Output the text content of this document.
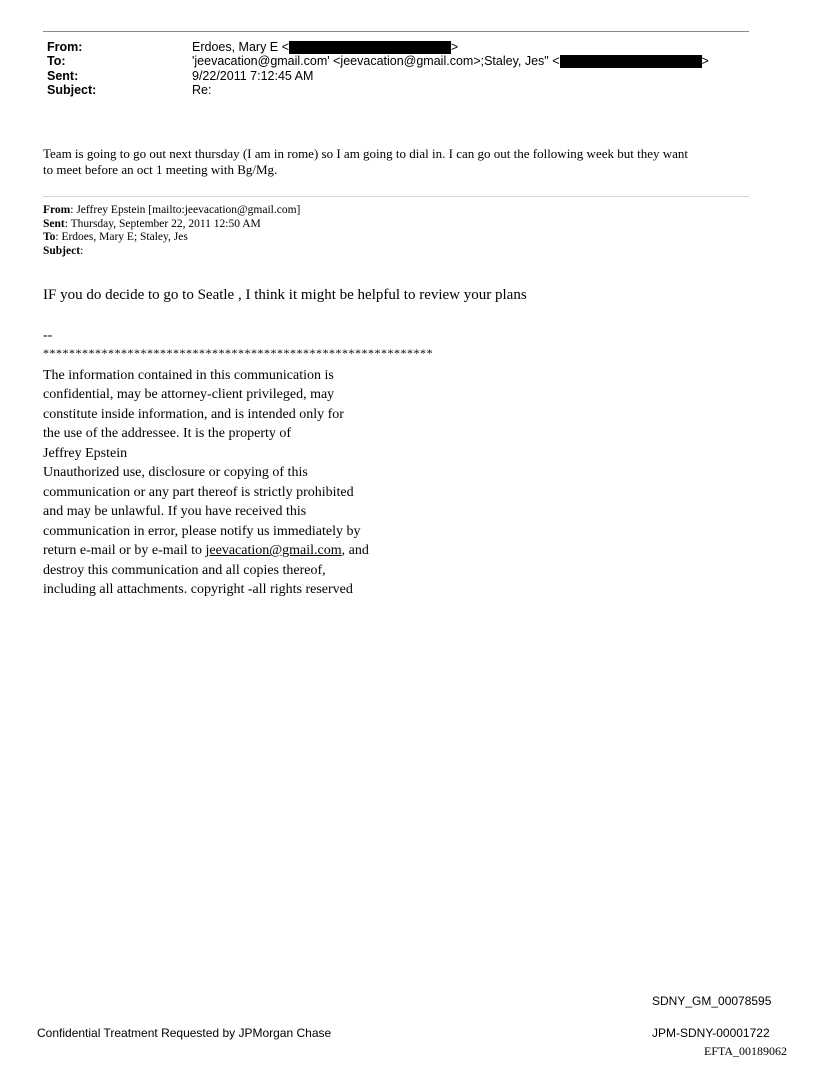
From:	Erdoes, Mary E <	>
To:	'jeevacation@gmail.com' <jeevacation@gmail.com>;Staley, Jes" <	>
Sent:	9/22/2011 7:12:45 AM
Subject:	Re:
Team is going to go out next thursday (I am in rome) so I am going to dial in. I can go out the following week but they want
to meet before an oct 1 meeting with Bg/Mg.
From: Jeffrey Epstein [mailto:jeevacation@gmail.com]
Sent: Thursday, September 22, 2011 12:50 AM
To: Erdoes, Mary E; Staley, Jes
Subject:
IF you do decide to go to Seatle , I think it might be helpful to review your plans
--
************************************************************
The information contained in this communication is
confidential, may be attorney-client privileged, may
constitute inside information, and is intended only for
the use of the addressee. It is the property of
Jeffrey Epstein
Unauthorized use, disclosure or copying of this
communication or any part thereof is strictly prohibited
and may be unlawful. If you have received this
communication in error, please notify us immediately by
return e-mail or by e-mail to jeevacation@gmail.com, and
destroy this communication and all copies thereof,
including all attachments. copyright -all rights reserved
SDNY_GM_00078595
Confidential Treatment Requested by JPMorgan Chase	JPM-SDNY-00001722
EFTA_00189062
